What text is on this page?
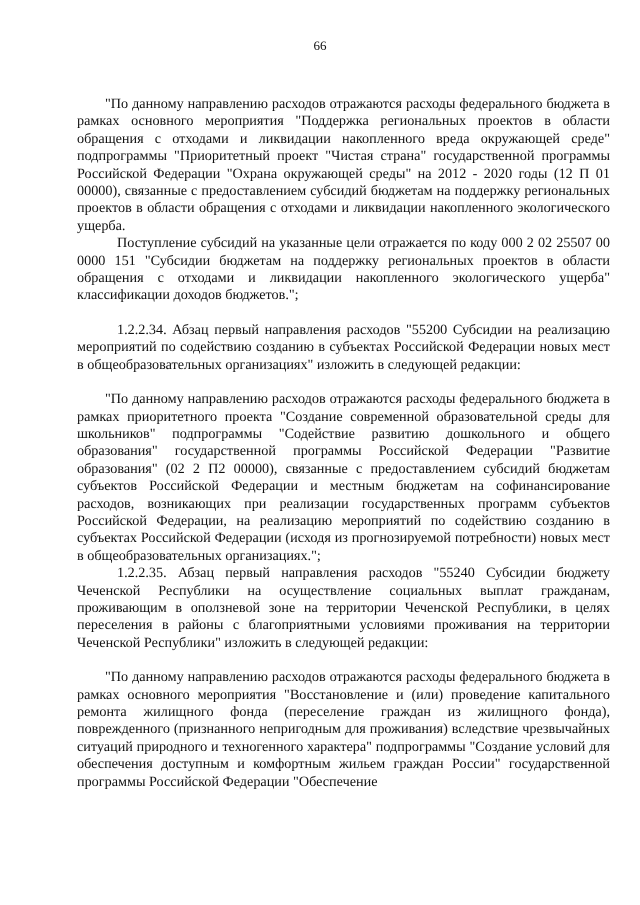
66

"По данному направлению расходов отражаются расходы федерального бюджета в рамках основного мероприятия "Поддержка региональных проектов в области обращения с отходами и ликвидации накопленного вреда окружающей среде" подпрограммы "Приоритетный проект "Чистая страна" государственной программы Российской Федерации "Охрана окружающей среды" на 2012 - 2020 годы (12 П 01 00000), связанные с предоставлением субсидий бюджетам на поддержку региональных проектов в области обращения с отходами и ликвидации накопленного экологического ущерба.

Поступление субсидий на указанные цели отражается по коду 000 2 02 25507 00 0000 151 "Субсидии бюджетам на поддержку региональных проектов в области обращения с отходами и ликвидации накопленного экологического ущерба" классификации доходов бюджетов.";

1.2.2.34. Абзац первый направления расходов "55200 Субсидии на реализацию мероприятий по содействию созданию в субъектах Российской Федерации новых мест в общеобразовательных организациях" изложить в следующей редакции:

"По данному направлению расходов отражаются расходы федерального бюджета в рамках приоритетного проекта "Создание современной образовательной среды для школьников" подпрограммы "Содействие развитию дошкольного и общего образования" государственной программы Российской Федерации "Развитие образования" (02 2 П2 00000), связанные с предоставлением субсидий бюджетам субъектов Российской Федерации и местным бюджетам на софинансирование расходов, возникающих при реализации государственных программ субъектов Российской Федерации, на реализацию мероприятий по содействию созданию в субъектах Российской Федерации (исходя из прогнозируемой потребности) новых мест в общеобразовательных организациях.";

1.2.2.35. Абзац первый направления расходов "55240 Субсидии бюджету Чеченской Республики на осуществление социальных выплат гражданам, проживающим в оползневой зоне на территории Чеченской Республики, в целях переселения в районы с благоприятными условиями проживания на территории Чеченской Республики" изложить в следующей редакции:

"По данному направлению расходов отражаются расходы федерального бюджета в рамках основного мероприятия "Восстановление и (или) проведение капитального ремонта жилищного фонда (переселение граждан из жилищного фонда), поврежденного (признанного непригодным для проживания) вследствие чрезвычайных ситуаций природного и техногенного характера" подпрограммы "Создание условий для обеспечения доступным и комфортным жильем граждан России" государственной программы Российской Федерации "Обеспечение
